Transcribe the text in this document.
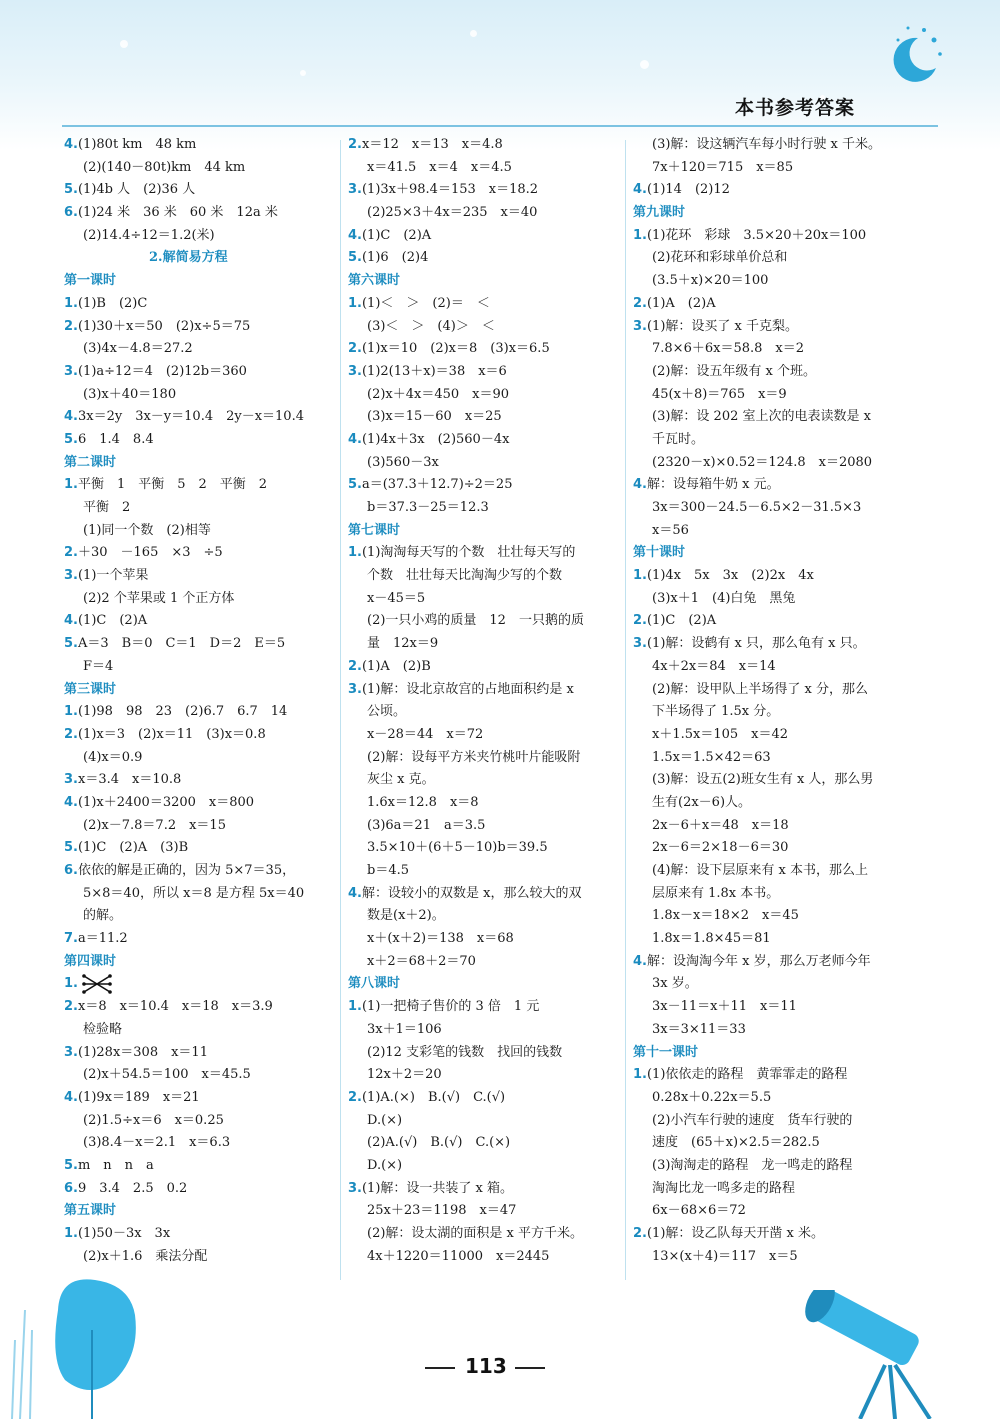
本书参考答案
4.(1)80t km　48 km
(2)(140－80t)km　44 km
5.(1)4b 人　(2)36 人
6.(1)24 米　36 米　60 米　12a 米
(2)14.4÷12＝1.2(米)
2.解简易方程
第一课时
1.(1)B　(2)C
2.(1)30＋x＝50　(2)x÷5＝75
(3)4x－4.8＝27.2
3.(1)a÷12＝4　(2)12b＝360
(3)x＋40＝180
4.3x＝2y　3x－y＝10.4　2y－x＝10.4
5.6　1.4　8.4
第二课时
1.平衡　1　平衡　5　2　平衡　2
平衡　2
(1)同一个数　(2)相等
2.＋30　－165　×3　÷5
3.(1)一个苹果
(2)2 个苹果或 1 个正方体
4.(1)C　(2)A
5.A＝3　B＝0　C＝1　D＝2　E＝5
F＝4
第三课时
1.(1)98　98　23　(2)6.7　6.7　14
2.(1)x＝3　(2)x＝11　(3)x＝0.8
(4)x＝0.9
3.x＝3.4　x＝10.8
4.(1)x＋2400＝3200　x＝800
(2)x－7.8＝7.2　x＝15
5.(1)C　(2)A　(3)B
6.依依的解是正确的，因为 5×7＝35，
5×8＝40，所以 x＝8 是方程 5x＝40
的解。
7.a＝11.2
第四课时
1.
2.x＝8　x＝10.4　x＝18　x＝3.9
检验略
3.(1)28x＝308　x＝11
(2)x＋54.5＝100　x＝45.5
4.(1)9x＝189　x＝21
(2)1.5÷x＝6　x＝0.25
(3)8.4－x＝2.1　x＝6.3
5.m　n　n　a
6.9　3.4　2.5　0.2
第五课时
1.(1)50－3x　3x
(2)x＋1.6　乘法分配
2.x＝12　x＝13　x＝4.8
x＝41.5　x＝4　x＝4.5
3.(1)3x＋98.4＝153　x＝18.2
(2)25×3＋4x＝235　x＝40
4.(1)C　(2)A
5.(1)6　(2)4
第六课时
1.(1)＜　＞　(2)＝　＜
(3)＜　＞　(4)＞　＜
2.(1)x＝10　(2)x＝8　(3)x＝6.5
3.(1)2(13＋x)＝38　x＝6
(2)x＋4x＝450　x＝90
(3)x＝15－60　x＝25
4.(1)4x＋3x　(2)560－4x
(3)560－3x
5.a＝(37.3＋12.7)÷2＝25
b＝37.3－25＝12.3
第七课时
1.(1)淘淘每天写的个数　壮壮每天写的
个数　壮壮每天比淘淘少写的个数
x－45＝5
(2)一只小鸡的质量　12　一只鹅的质
量　12x＝9
2.(1)A　(2)B
3.(1)解：设北京故宫的占地面积约是 x
公顷。
x－28＝44　x＝72
(2)解：设每平方米夹竹桃叶片能吸附
灰尘 x 克。
1.6x＝12.8　x＝8
(3)6a＝21　a＝3.5
3.5×10＋(6＋5－10)b＝39.5
b＝4.5
4.解：设较小的双数是 x，那么较大的双
数是(x＋2)。
x＋(x＋2)＝138　x＝68
x＋2＝68＋2＝70
第八课时
1.(1)一把椅子售价的 3 倍　1 元
3x＋1＝106
(2)12 支彩笔的钱数　找回的钱数
12x＋2＝20
2.(1)A.(×)　B.(√)　C.(√)
D.(×)
(2)A.(√)　B.(√)　C.(×)
D.(×)
3.(1)解：设一共装了 x 箱。
25x＋23＝1198　x＝47
(2)解：设太湖的面积是 x 平方千米。
4x＋1220＝11000　x＝2445
(3)解：设这辆汽车每小时行驶 x 千米。
7x＋120＝715　x＝85
4.(1)14　(2)12
第九课时
1.(1)花环　彩球　3.5×20＋20x＝100
(2)花环和彩球单价总和
(3.5＋x)×20＝100
2.(1)A　(2)A
3.(1)解：设买了 x 千克梨。
7.8×6＋6x＝58.8　x＝2
(2)解：设五年级有 x 个班。
45(x＋8)＝765　x＝9
(3)解：设 202 室上次的电表读数是 x
千瓦时。
(2320－x)×0.52＝124.8　x＝2080
4.解：设每箱牛奶 x 元。
3x＝300－24.5－6.5×2－31.5×3
x＝56
第十课时
1.(1)4x　5x　3x　(2)2x　4x
(3)x＋1　(4)白兔　黑兔
2.(1)C　(2)A
3.(1)解：设鹤有 x 只，那么龟有 x 只。
4x＋2x＝84　x＝14
(2)解：设甲队上半场得了 x 分，那么
下半场得了 1.5x 分。
x＋1.5x＝105　x＝42
1.5x＝1.5×42＝63
(3)解：设五(2)班女生有 x 人，那么男
生有(2x－6)人。
2x－6＋x＝48　x＝18
2x－6＝2×18－6＝30
(4)解：设下层原来有 x 本书，那么上
层原来有 1.8x 本书。
1.8x－x＝18×2　x＝45
1.8x＝1.8×45＝81
4.解：设淘淘今年 x 岁，那么万老师今年
3x 岁。
3x－11＝x＋11　x＝11
3x＝3×11＝33
第十一课时
1.(1)依依走的路程　黄霏霏走的路程
0.28x＋0.22x＝5.5
(2)小汽车行驶的速度　货车行驶的
速度　(65＋x)×2.5＝282.5
(3)淘淘走的路程　龙一鸣走的路程
淘淘比龙一鸣多走的路程
6x－68×6＝72
2.(1)解：设乙队每天开凿 x 米。
13×(x＋4)＝117　x＝5
113
